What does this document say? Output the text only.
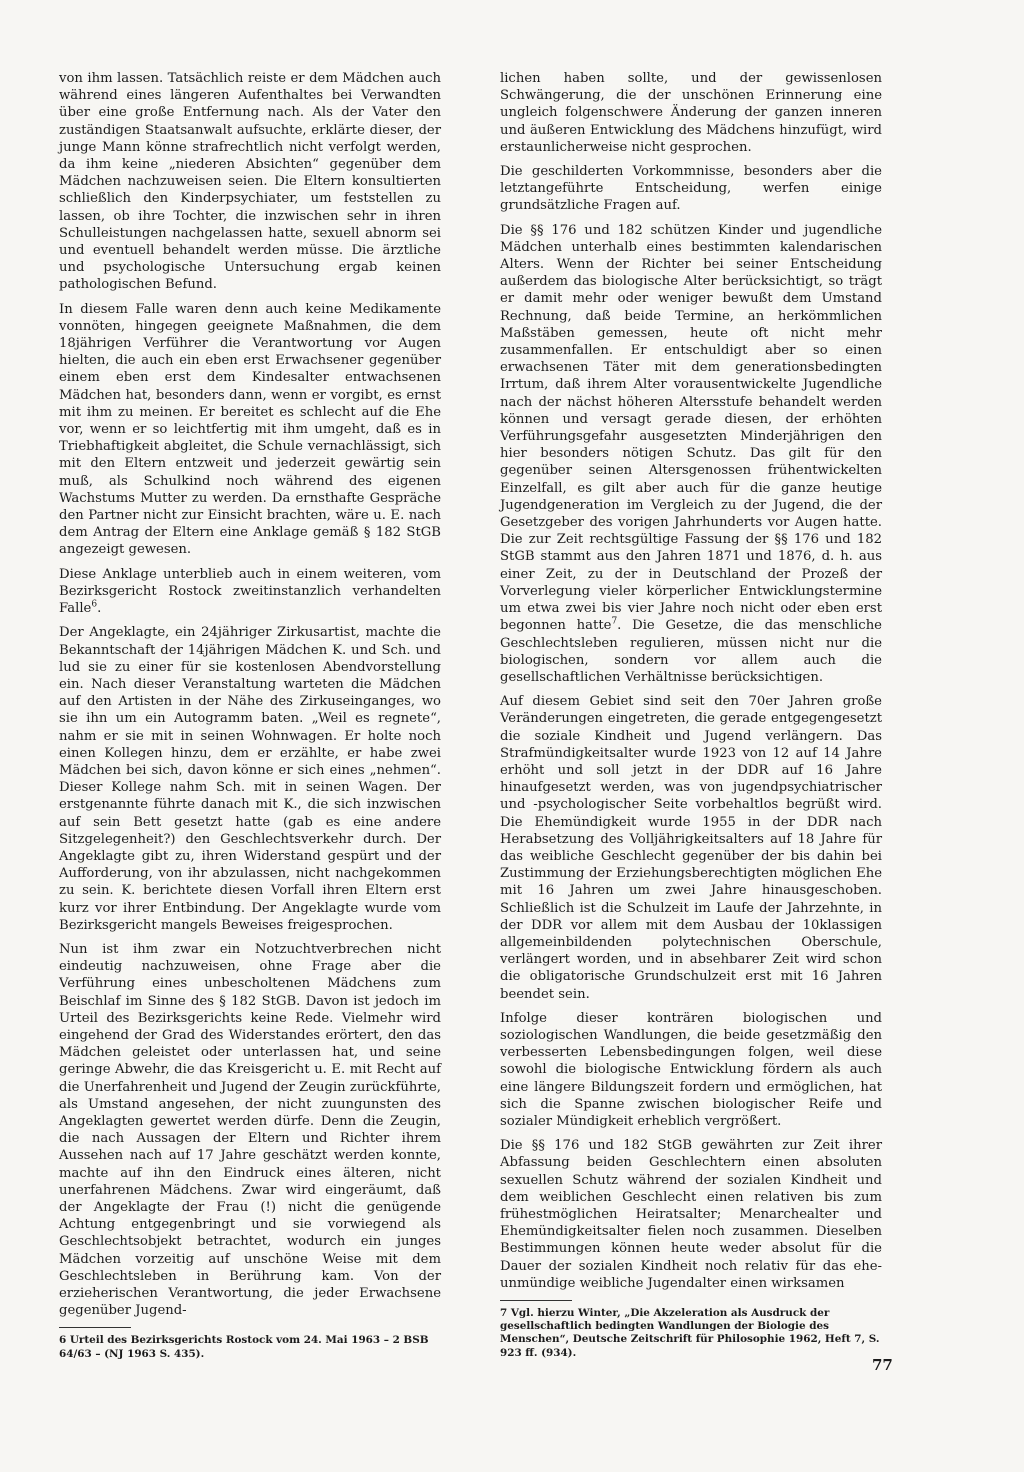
von ihm lassen. Tatsächlich reiste er dem Mädchen auch während eines längeren Aufenthaltes bei Verwandten über eine große Entfernung nach. Als der Vater den zuständigen Staatsanwalt aufsuchte, erklärte dieser, der junge Mann könne strafrechtlich nicht verfolgt werden, da ihm keine „niederen Absichten“ gegenüber dem Mädchen nachzuweisen seien. Die Eltern konsultierten schließlich den Kinderpsychiater, um feststellen zu lassen, ob ihre Tochter, die inzwischen sehr in ihren Schulleistungen nachgelassen hatte, sexuell abnorm sei und eventuell behandelt werden müsse. Die ärztliche und psychologische Untersuchung ergab keinen pathologischen Befund.

In diesem Falle waren denn auch keine Medikamente vonnöten, hingegen geeignete Maßnahmen, die dem 18jährigen Verführer die Verantwortung vor Augen hielten, die auch ein eben erst Erwachsener gegenüber einem eben erst dem Kindesalter entwachsenen Mädchen hat, besonders dann, wenn er vorgibt, es ernst mit ihm zu meinen. Er bereitet es schlecht auf die Ehe vor, wenn er so leichtfertig mit ihm umgeht, daß es in Triebhaftigkeit abgleitet, die Schule vernachlässigt, sich mit den Eltern entzweit und jederzeit gewärtig sein muß, als Schulkind noch während des eigenen Wachstums Mutter zu werden. Da ernsthafte Gespräche den Partner nicht zur Einsicht brachten, wäre u. E. nach dem Antrag der Eltern eine Anklage gemäß § 182 StGB angezeigt gewesen.

Diese Anklage unterblieb auch in einem weiteren, vom Bezirksgericht Rostock zweitinstanzlich verhandelten Falle$^6$.

Der Angeklagte, ein 24jähriger Zirkusartist, machte die Bekanntschaft der 14jährigen Mädchen K. und Sch. und lud sie zu einer für sie kostenlosen Abendvorstellung ein. Nach dieser Veranstaltung warteten die Mädchen auf den Artisten in der Nähe des Zirkuseinganges, wo sie ihn um ein Autogramm baten. „Weil es regnete“, nahm er sie mit in seinen Wohnwagen. Er holte noch einen Kollegen hinzu, dem er erzählte, er habe zwei Mädchen bei sich, davon könne er sich eines „nehmen“. Dieser Kollege nahm Sch. mit in seinen Wagen. Der erstgenannte führte danach mit K., die sich inzwischen auf sein Bett gesetzt hatte (gab es eine andere Sitzgelegenheit?) den Geschlechtsverkehr durch. Der Angeklagte gibt zu, ihren Widerstand gespürt und der Aufforderung, von ihr abzulassen, nicht nachgekommen zu sein. K. berichtete diesen Vorfall ihren Eltern erst kurz vor ihrer Entbindung. Der Angeklagte wurde vom Bezirksgericht mangels Beweises freigesprochen.

Nun ist ihm zwar ein Notzuchtverbrechen nicht eindeutig nachzuweisen, ohne Frage aber die Verführung eines unbescholtenen Mädchens zum Beischlaf im Sinne des § 182 StGB. Davon ist jedoch im Urteil des Bezirksgerichts keine Rede. Vielmehr wird eingehend der Grad des Widerstandes erörtert, den das Mädchen geleistet oder unterlassen hat, und seine geringe Abwehr, die das Kreisgericht u. E. mit Recht auf die Unerfahrenheit und Jugend der Zeugin zurückführte, als Umstand angesehen, der nicht zuungunsten des Angeklagten gewertet werden dürfe. Denn die Zeugin, die nach Aussagen der Eltern und Richter ihrem Aussehen nach auf 17 Jahre geschätzt werden konnte, machte auf ihn den Eindruck eines älteren, nicht unerfahrenen Mädchens. Zwar wird eingeräumt, daß der Angeklagte der Frau (!) nicht die genügende Achtung entgegenbringt und sie vorwiegend als Geschlechtsobjekt betrachtet, wodurch ein junges Mädchen vorzeitig auf unschöne Weise mit dem Geschlechtsleben in Berührung kam. Von der erzieherischen Verantwortung, die jeder Erwachsene gegenüber Jugend-

6 Urteil des Bezirksgerichts Rostock vom 24. Mai 1963 – 2 BSB 64/63 – (NJ 1963 S. 435).

lichen haben sollte, und der gewissenlosen Schwängerung, die der unschönen Erinnerung eine ungleich folgenschwere Änderung der ganzen inneren und äußeren Entwicklung des Mädchens hinzufügt, wird erstaunlicherweise nicht gesprochen.

Die geschilderten Vorkommnisse, besonders aber die letztangeführte Entscheidung, werfen einige grundsätzliche Fragen auf.

Die §§ 176 und 182 schützen Kinder und jugendliche Mädchen unterhalb eines bestimmten kalendarischen Alters. Wenn der Richter bei seiner Entscheidung außerdem das biologische Alter berücksichtigt, so trägt er damit mehr oder weniger bewußt dem Umstand Rechnung, daß beide Termine, an herkömmlichen Maßstäben gemessen, heute oft nicht mehr zusammenfallen. Er entschuldigt aber so einen erwachsenen Täter mit dem generationsbedingten Irrtum, daß ihrem Alter vorausentwickelte Jugendliche nach der nächst höheren Altersstufe behandelt werden können und versagt gerade diesen, der erhöhten Verführungsgefahr ausgesetzten Minderjährigen den hier besonders nötigen Schutz. Das gilt für den gegenüber seinen Altersgenossen frühentwickelten Einzelfall, es gilt aber auch für die ganze heutige Jugendgeneration im Vergleich zu der Jugend, die der Gesetzgeber des vorigen Jahrhunderts vor Augen hatte. Die zur Zeit rechtsgültige Fassung der §§ 176 und 182 StGB stammt aus den Jahren 1871 und 1876, d. h. aus einer Zeit, zu der in Deutschland der Prozeß der Vorverlegung vieler körperlicher Entwicklungstermine um etwa zwei bis vier Jahre noch nicht oder eben erst begonnen hatte$^7$. Die Gesetze, die das menschliche Geschlechtsleben regulieren, müssen nicht nur die biologischen, sondern vor allem auch die gesellschaftlichen Verhältnisse berücksichtigen.

Auf diesem Gebiet sind seit den 70er Jahren große Veränderungen eingetreten, die gerade entgegengesetzt die soziale Kindheit und Jugend verlängern. Das Strafmündigkeitsalter wurde 1923 von 12 auf 14 Jahre erhöht und soll jetzt in der DDR auf 16 Jahre hinaufgesetzt werden, was von jugendpsychiatrischer und -psychologischer Seite vorbehaltlos begrüßt wird. Die Ehemündigkeit wurde 1955 in der DDR nach Herabsetzung des Volljährigkeitsalters auf 18 Jahre für das weibliche Geschlecht gegenüber der bis dahin bei Zustimmung der Erziehungsberechtigten möglichen Ehe mit 16 Jahren um zwei Jahre hinausgeschoben. Schließlich ist die Schulzeit im Laufe der Jahrzehnte, in der DDR vor allem mit dem Ausbau der 10klassigen allgemeinbildenden polytechnischen Oberschule, verlängert worden, und in absehbarer Zeit wird schon die obligatorische Grundschulzeit erst mit 16 Jahren beendet sein.

Infolge dieser konträren biologischen und soziologischen Wandlungen, die beide gesetzmäßig den verbesserten Lebensbedingungen folgen, weil diese sowohl die biologische Entwicklung fördern als auch eine längere Bildungszeit fordern und ermöglichen, hat sich die Spanne zwischen biologischer Reife und sozialer Mündigkeit erheblich vergrößert.

Die §§ 176 und 182 StGB gewährten zur Zeit ihrer Abfassung beiden Geschlechtern einen absoluten sexuellen Schutz während der sozialen Kindheit und dem weiblichen Geschlecht einen relativen bis zum frühestmöglichen Heiratsalter; Menarchealter und Ehemündigkeitsalter fielen noch zusammen. Dieselben Bestimmungen können heute weder absolut für die Dauer der sozialen Kindheit noch relativ für das ehe-unmündige weibliche Jugendalter einen wirksamen

7 Vgl. hierzu Winter, „Die Akzeleration als Ausdruck der gesellschaftlich bedingten Wandlungen der Biologie des Menschen“, Deutsche Zeitschrift für Philosophie 1962, Heft 7, S. 923 ff. (934).

77
